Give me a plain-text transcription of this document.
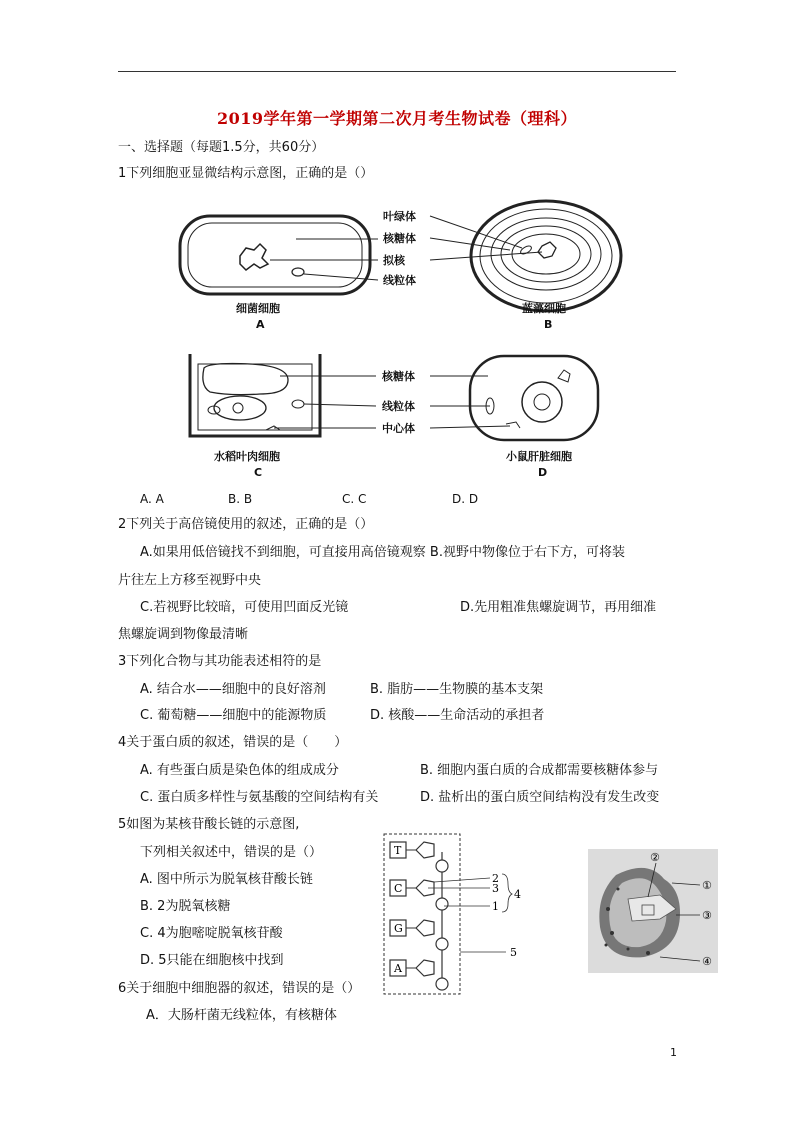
2019学年第一学期第二次月考生物试卷（理科）
一、选择题（每题1.5分，共60分）
1下列细胞亚显微结构示意图，正确的是（）
叶绿体
核糖体
拟核
线粒体
细菌细胞
A
蓝藻细胞
B
核糖体
线粒体
中心体
水稻叶肉细胞
C
小鼠肝脏细胞
D
A. A	B. B	C. C	D. D
2下列关于高倍镜使用的叙述，正确的是（）
A.如果用低倍镜找不到细胞，可直接用高倍镜观察 B.视野中物像位于右下方，可将装
片往左上方移至视野中央
C.若视野比较暗，可使用凹面反光镜	D.先用粗准焦螺旋调节，再用细准
焦螺旋调到物像最清晰
3下列化合物与其功能表述相符的是
A. 结合水——细胞中的良好溶剂	B. 脂肪——生物膜的基本支架
C. 葡萄糖——细胞中的能源物质	D. 核酸——生命活动的承担者
4关于蛋白质的叙述，错误的是（　　）
A. 有些蛋白质是染色体的组成成分	B. 细胞内蛋白质的合成都需要核糖体参与
C. 蛋白质多样性与氨基酸的空间结构有关	D. 盐析出的蛋白质空间结构没有发生改变
5如图为某核苷酸长链的示意图,
下列相关叙述中，错误的是（）
A. 图中所示为脱氧核苷酸长链
B. 2为脱氧核糖
C. 4为胞嘧啶脱氧核苷酸
D. 5只能在细胞核中找到
T
C
G
A
2
3
1
4
5
②
①
③
④
6关于细胞中细胞器的叙述，错误的是（）
A．大肠杆菌无线粒体，有核糖体
1
